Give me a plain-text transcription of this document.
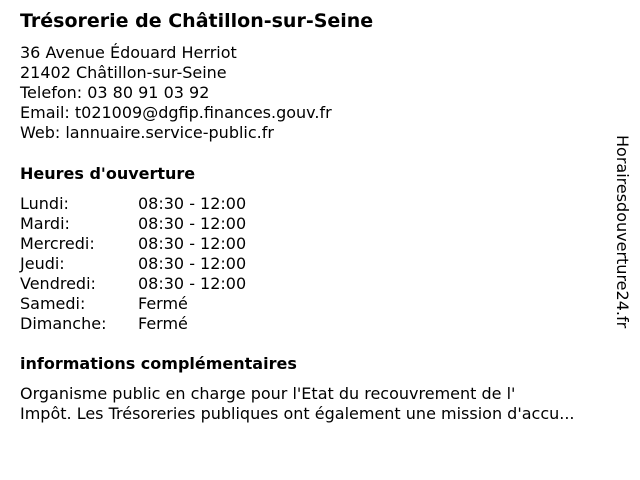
Trésorerie de Châtillon-sur-Seine
36 Avenue Édouard Herriot
21402 Châtillon-sur-Seine
Telefon: 03 80 91 03 92
Email: t021009@dgfip.finances.gouv.fr
Web: lannuaire.service-public.fr
Heures d'ouverture
Lundi:	08:30 - 12:00
Mardi:	08:30 - 12:00
Mercredi:	08:30 - 12:00
Jeudi:	08:30 - 12:00
Vendredi:	08:30 - 12:00
Samedi:	Fermé
Dimanche:	Fermé
informations complémentaires
Organisme public en charge pour l'Etat du recouvrement de l'
Impôt. Les Trésoreries publiques ont également une mission d'accu...
Horairesdouverture24.fr
